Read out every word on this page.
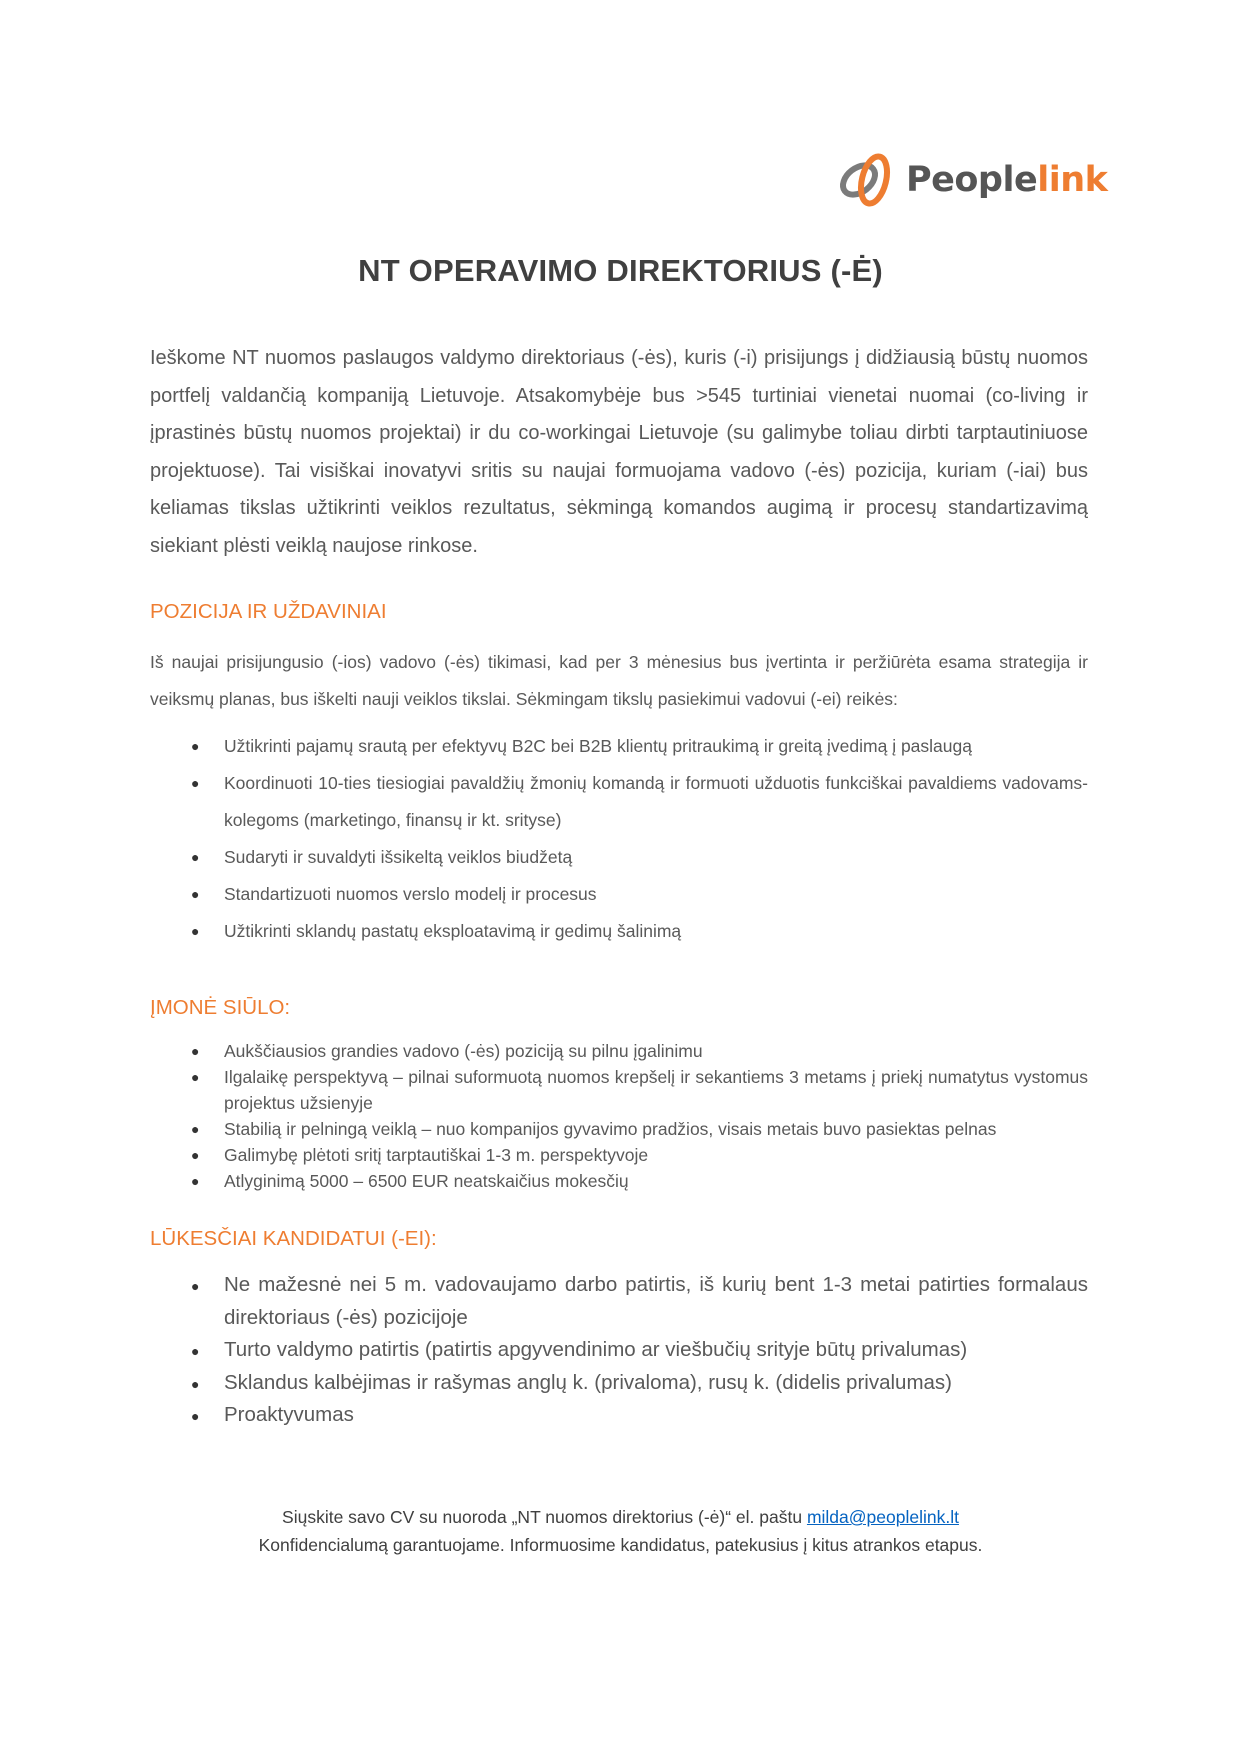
Peoplelink
NT OPERAVIMO DIREKTORIUS (-Ė)

Ieškome NT nuomos paslaugos valdymo direktoriaus (-ės), kuris (-i) prisijungs į didžiausią būstų nuomos portfelį valdančią kompaniją Lietuvoje. Atsakomybėje bus >545 turtiniai vienetai nuomai (co-living ir įprastinės būstų nuomos projektai) ir du co-workingai Lietuvoje (su galimybe toliau dirbti tarptautiniuose projektuose). Tai visiškai inovatyvi sritis su naujai formuojama vadovo (-ės) pozicija, kuriam (-iai) bus keliamas tikslas užtikrinti veiklos rezultatus, sėkmingą komandos augimą ir procesų standartizavimą siekiant plėsti veiklą naujose rinkose.

POZICIJA IR UŽDAVINIAI

Iš naujai prisijungusio (-ios) vadovo (-ės) tikimasi, kad per 3 mėnesius bus įvertinta ir peržiūrėta esama strategija ir veiksmų planas, bus iškelti nauji veiklos tikslai. Sėkmingam tikslų pasiekimui vadovui (-ei) reikės:

● Užtikrinti pajamų srautą per efektyvų B2C bei B2B klientų pritraukimą ir greitą įvedimą į paslaugą
● Koordinuoti 10-ties tiesiogiai pavaldžių žmonių komandą ir formuoti užduotis funkciškai pavaldiems vadovams-kolegoms (marketingo, finansų ir kt. srityse)
● Sudaryti ir suvaldyti išsikeltą veiklos biudžetą
● Standartizuoti nuomos verslo modelį ir procesus
● Užtikrinti sklandų pastatų eksploatavimą ir gedimų šalinimą
ĮMONĖ SIŪLO:
● Aukščiausios grandies vadovo (-ės) poziciją su pilnu įgalinimu
● Ilgalaikę perspektyvą – pilnai suformuotą nuomos krepšelį ir sekantiems 3 metams į priekį numatytus vystomus projektus užsienyje
● Stabilią ir pelningą veiklą – nuo kompanijos gyvavimo pradžios, visais metais buvo pasiektas pelnas
● Galimybę plėtoti sritį tarptautiškai 1-3 m. perspektyvoje
● Atlyginimą 5000 – 6500 EUR neatskaičius mokesčių
LŪKESČIAI KANDIDATUI (-EI):
● Ne mažesnė nei 5 m. vadovaujamo darbo patirtis, iš kurių bent 1-3 metai patirties formalaus direktoriaus (-ės) pozicijoje
● Turto valdymo patirtis (patirtis apgyvendinimo ar viešbučių srityje būtų privalumas)
● Sklandus kalbėjimas ir rašymas anglų k. (privaloma), rusų k. (didelis privalumas)
● Proaktyvumas
Siųskite savo CV su nuoroda „NT nuomos direktorius (-ė)“ el. paštu milda@peoplelink.lt
Konfidencialumą garantuojame. Informuosime kandidatus, patekusius į kitus atrankos etapus.
